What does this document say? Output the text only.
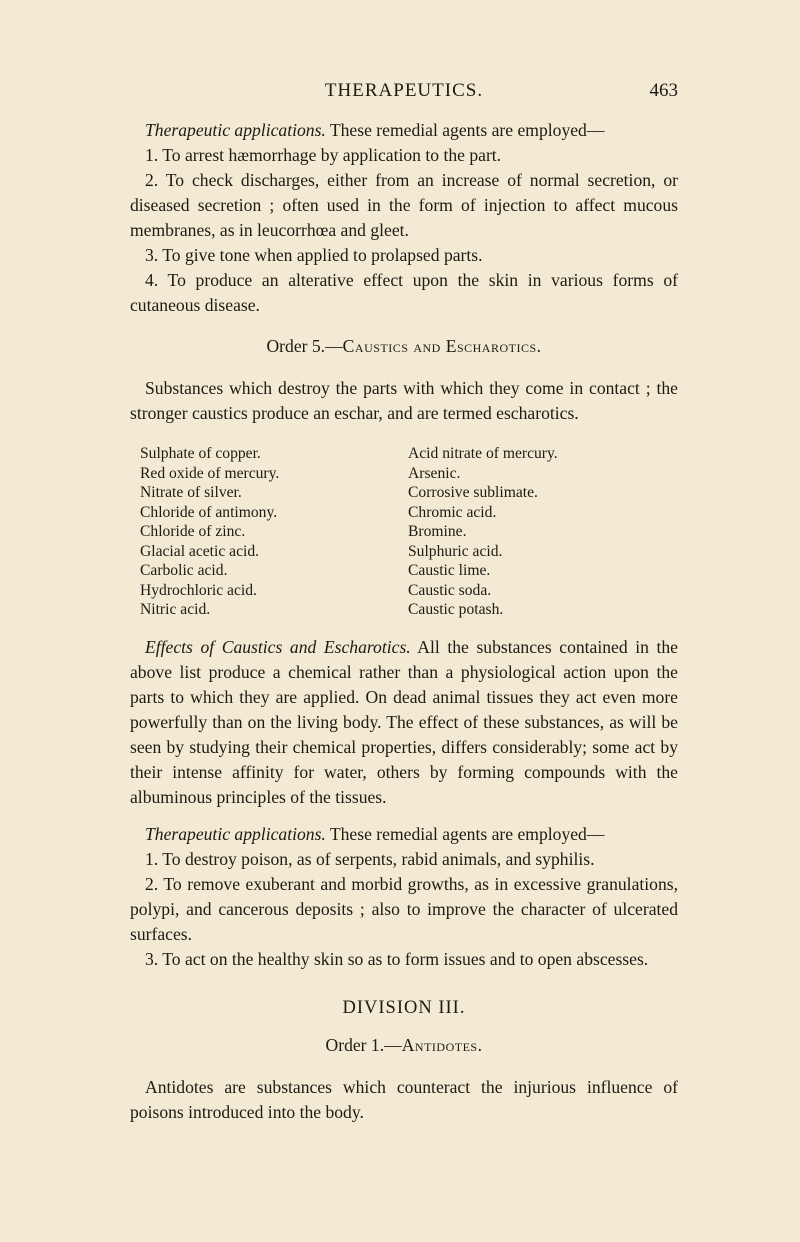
THERAPEUTICS.	463

Therapeutic applications. These remedial agents are employed—

1. To arrest hæmorrhage by application to the part.

2. To check discharges, either from an increase of normal secretion, or diseased secretion ; often used in the form of injection to affect mucous membranes, as in leucorrhœa and gleet.

3. To give tone when applied to prolapsed parts.

4. To produce an alterative effect upon the skin in various forms of cutaneous disease.

Order 5.—Caustics and Escharotics.

Substances which destroy the parts with which they come in contact ; the stronger caustics produce an eschar, and are termed escharotics.

Sulphate of copper.
Red oxide of mercury.
Nitrate of silver.
Chloride of antimony.
Chloride of zinc.
Glacial acetic acid.
Carbolic acid.
Hydrochloric acid.
Nitric acid.
Acid nitrate of mercury.
Arsenic.
Corrosive sublimate.
Chromic acid.
Bromine.
Sulphuric acid.
Caustic lime.
Caustic soda.
Caustic potash.

Effects of Caustics and Escharotics. All the substances contained in the above list produce a chemical rather than a physiological action upon the parts to which they are applied. On dead animal tissues they act even more powerfully than on the living body. The effect of these substances, as will be seen by studying their chemical properties, differs considerably; some act by their intense affinity for water, others by forming compounds with the albuminous principles of the tissues.

Therapeutic applications. These remedial agents are employed—

1. To destroy poison, as of serpents, rabid animals, and syphilis.

2. To remove exuberant and morbid growths, as in excessive granulations, polypi, and cancerous deposits ; also to improve the character of ulcerated surfaces.

3. To act on the healthy skin so as to form issues and to open abscesses.

DIVISION III.
Order 1.—Antidotes.

Antidotes are substances which counteract the injurious influence of poisons introduced into the body.
